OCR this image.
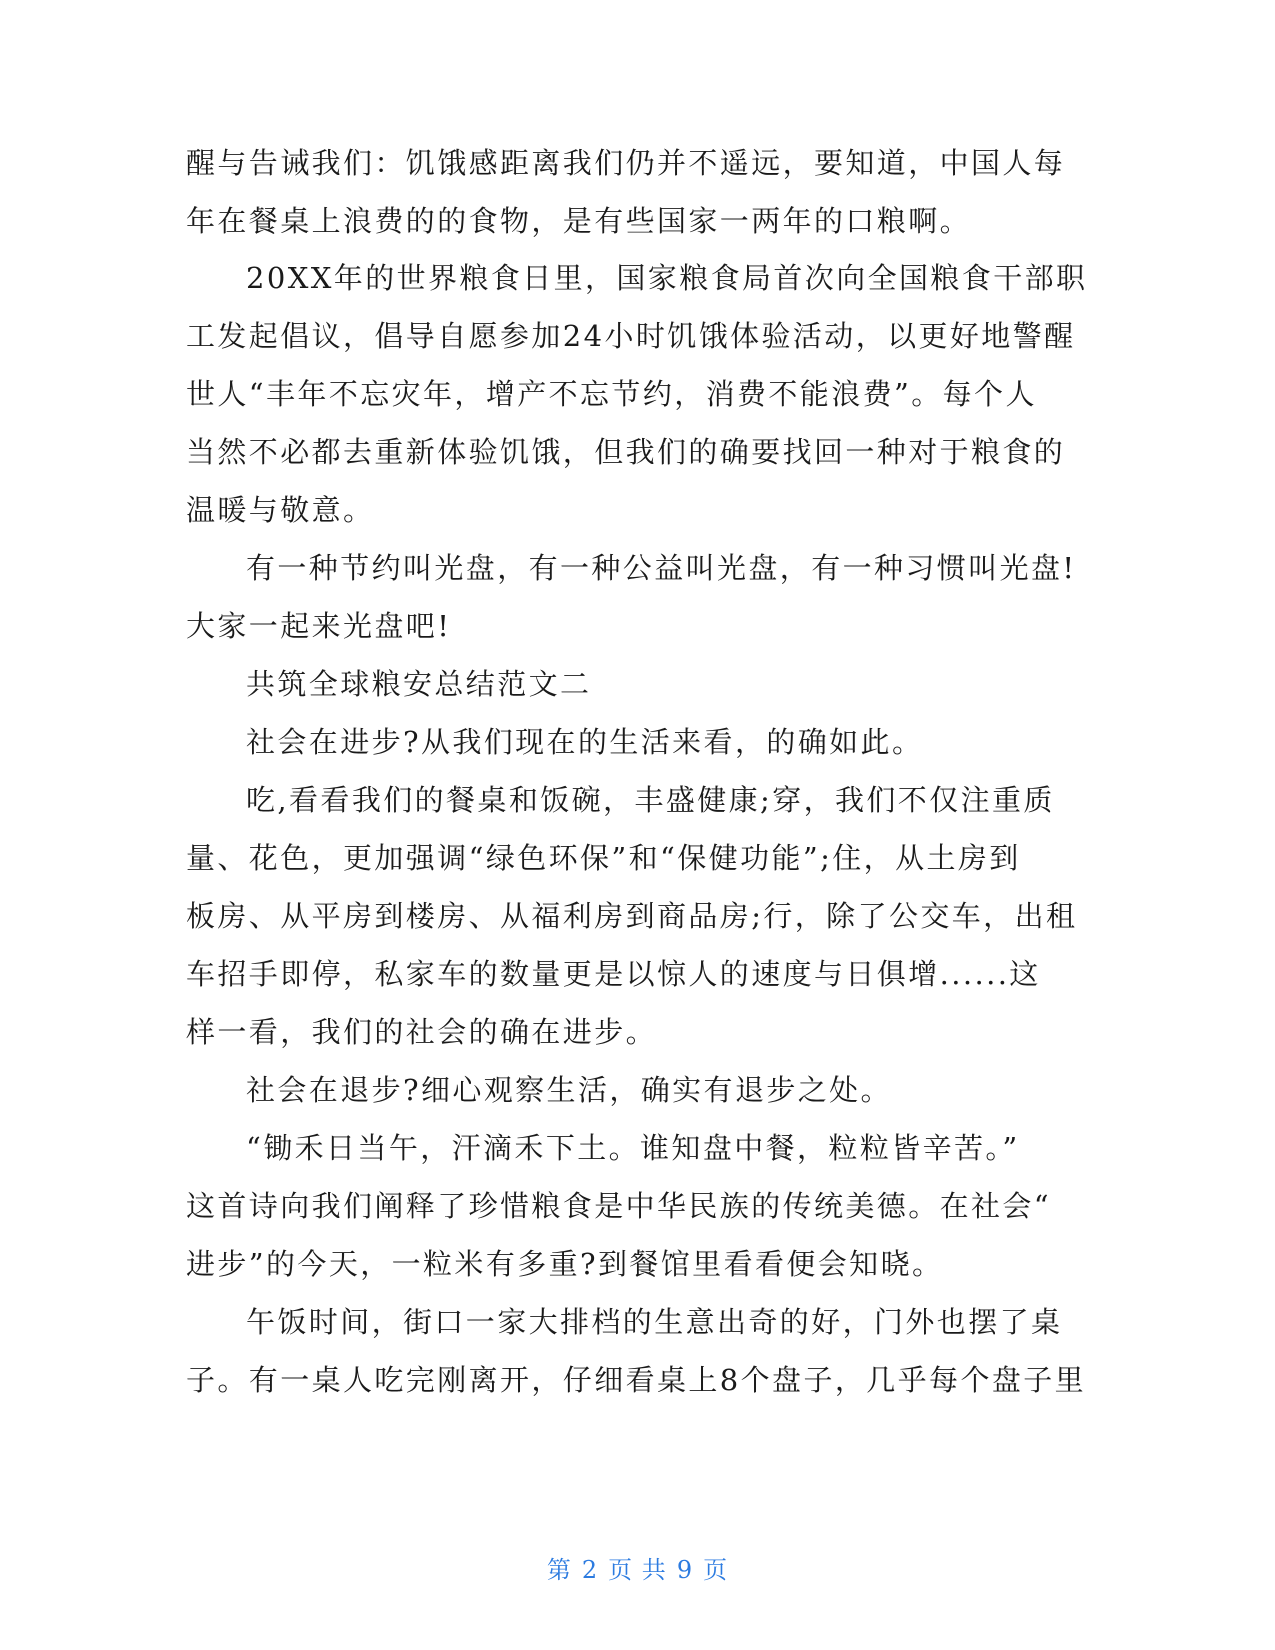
醒与告诫我们：饥饿感距离我们仍并不遥远，要知道，中国人每
年在餐桌上浪费的的食物，是有些国家一两年的口粮啊。
20XX年的世界粮食日里，国家粮食局首次向全国粮食干部职
工发起倡议，倡导自愿参加24小时饥饿体验活动，以更好地警醒
世人“丰年不忘灾年，增产不忘节约，消费不能浪费”。每个人
当然不必都去重新体验饥饿，但我们的确要找回一种对于粮食的
温暖与敬意。
有一种节约叫光盘，有一种公益叫光盘，有一种习惯叫光盘!
大家一起来光盘吧!
共筑全球粮安总结范文二
社会在进步?从我们现在的生活来看，的确如此。
吃,看看我们的餐桌和饭碗，丰盛健康;穿，我们不仅注重质
量、花色，更加强调“绿色环保”和“保健功能”;住，从土房到
板房、从平房到楼房、从福利房到商品房;行，除了公交车，出租
车招手即停，私家车的数量更是以惊人的速度与日俱增......这
样一看，我们的社会的确在进步。
社会在退步?细心观察生活，确实有退步之处。
“锄禾日当午，汗滴禾下土。谁知盘中餐，粒粒皆辛苦。”
这首诗向我们阐释了珍惜粮食是中华民族的传统美德。在社会“
进步”的今天，一粒米有多重?到餐馆里看看便会知晓。
午饭时间，街口一家大排档的生意出奇的好，门外也摆了桌
子。有一桌人吃完刚离开，仔细看桌上8个盘子，几乎每个盘子里
第 2 页 共 9 页
